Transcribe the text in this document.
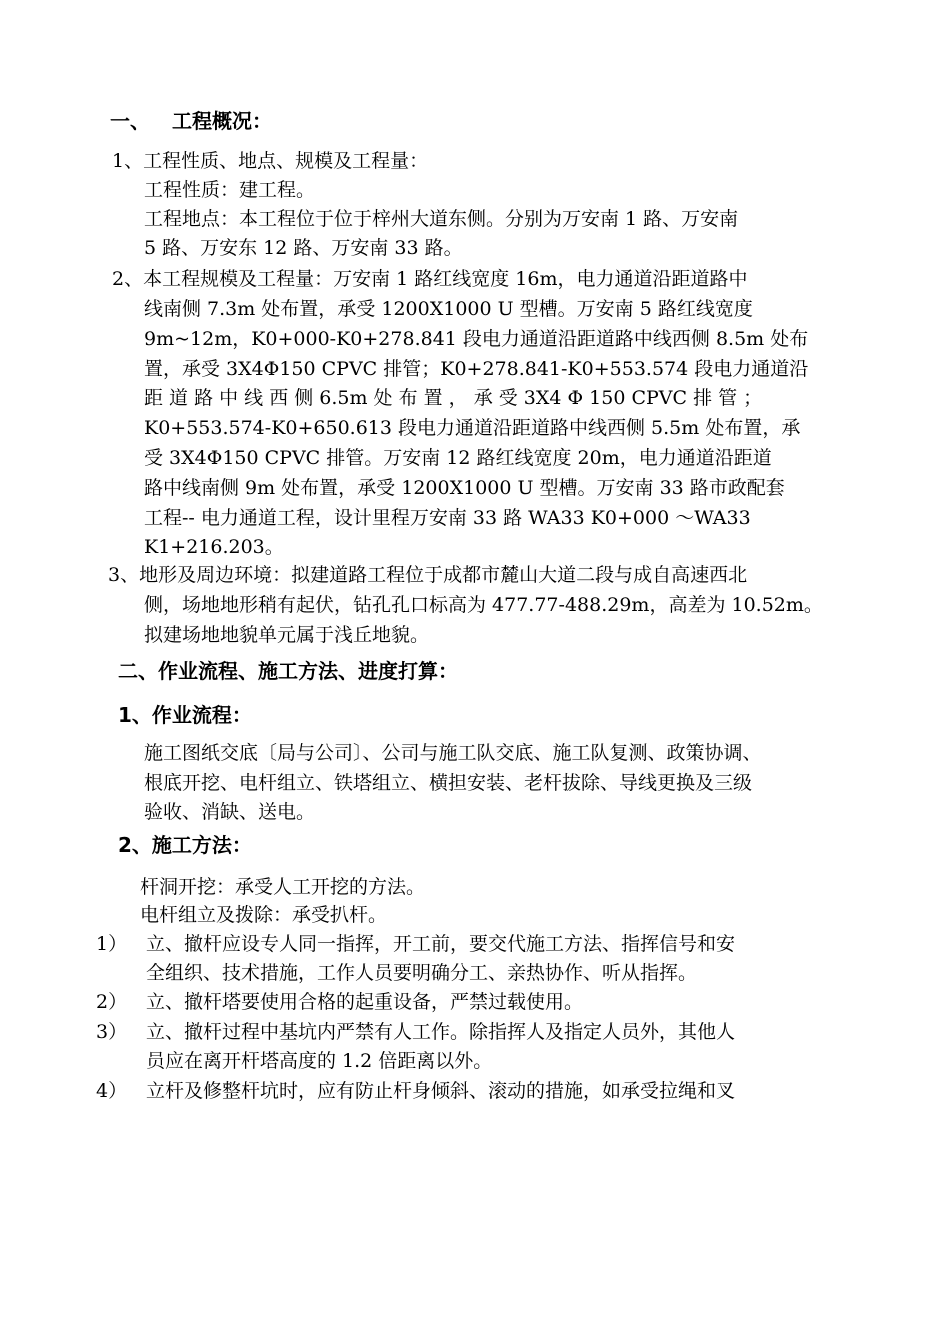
一、 工程概况：
1、工程性质、地点、规模及工程量：
工程性质：建工程。
工程地点：本工程位于位于梓州大道东侧。分别为万安南 1 路、万安南
5 路、万安东 12 路、万安南 33 路。
2、本工程规模及工程量：万安南 1 路红线宽度 16m，电力通道沿距道路中
线南侧 7.3m 处布置，承受 1200X1000 U 型槽。万安南 5 路红线宽度
9m~12m，K0+000-K0+278.841 段电力通道沿距道路中线西侧 8.5m 处布
置，承受 3X4Φ150 CPVC 排管；K0+278.841-K0+553.574 段电力通道沿
距 道 路 中 线 西 侧 6.5m 处 布 置 ， 承 受 3X4 Φ 150 CPVC 排 管 ；
K0+553.574-K0+650.613 段电力通道沿距道路中线西侧 5.5m 处布置，承
受 3X4Φ150 CPVC 排管。万安南 12 路红线宽度 20m，电力通道沿距道
路中线南侧 9m 处布置，承受 1200X1000 U 型槽。万安南 33 路市政配套
工程-- 电力通道工程，设计里程万安南 33 路 WA33 K0+000 ～WA33
K1+216.203。
3、地形及周边环境：拟建道路工程位于成都市麓山大道二段与成自高速西北
侧，场地地形稍有起伏，钻孔孔口标高为 477.77-488.29m，高差为 10.52m。
拟建场地地貌单元属于浅丘地貌。
二、作业流程、施工方法、进度打算：
1、作业流程：
施工图纸交底〔局与公司〕、公司与施工队交底、施工队复测、政策协调、
根底开挖、电杆组立、铁塔组立、横担安装、老杆拔除、导线更换及三级
验收、消缺、送电。
2、施工方法：
杆洞开挖：承受人工开挖的方法。
电杆组立及拨除：承受扒杆。
1） 立、撤杆应设专人同一指挥，开工前，要交代施工方法、指挥信号和安
全组织、技术措施，工作人员要明确分工、亲热协作、听从指挥。
2） 立、撤杆塔要使用合格的起重设备，严禁过载使用。
3） 立、撤杆过程中基坑内严禁有人工作。除指挥人及指定人员外，其他人
员应在离开杆塔高度的 1.2 倍距离以外。
4） 立杆及修整杆坑时，应有防止杆身倾斜、滚动的措施，如承受拉绳和叉
